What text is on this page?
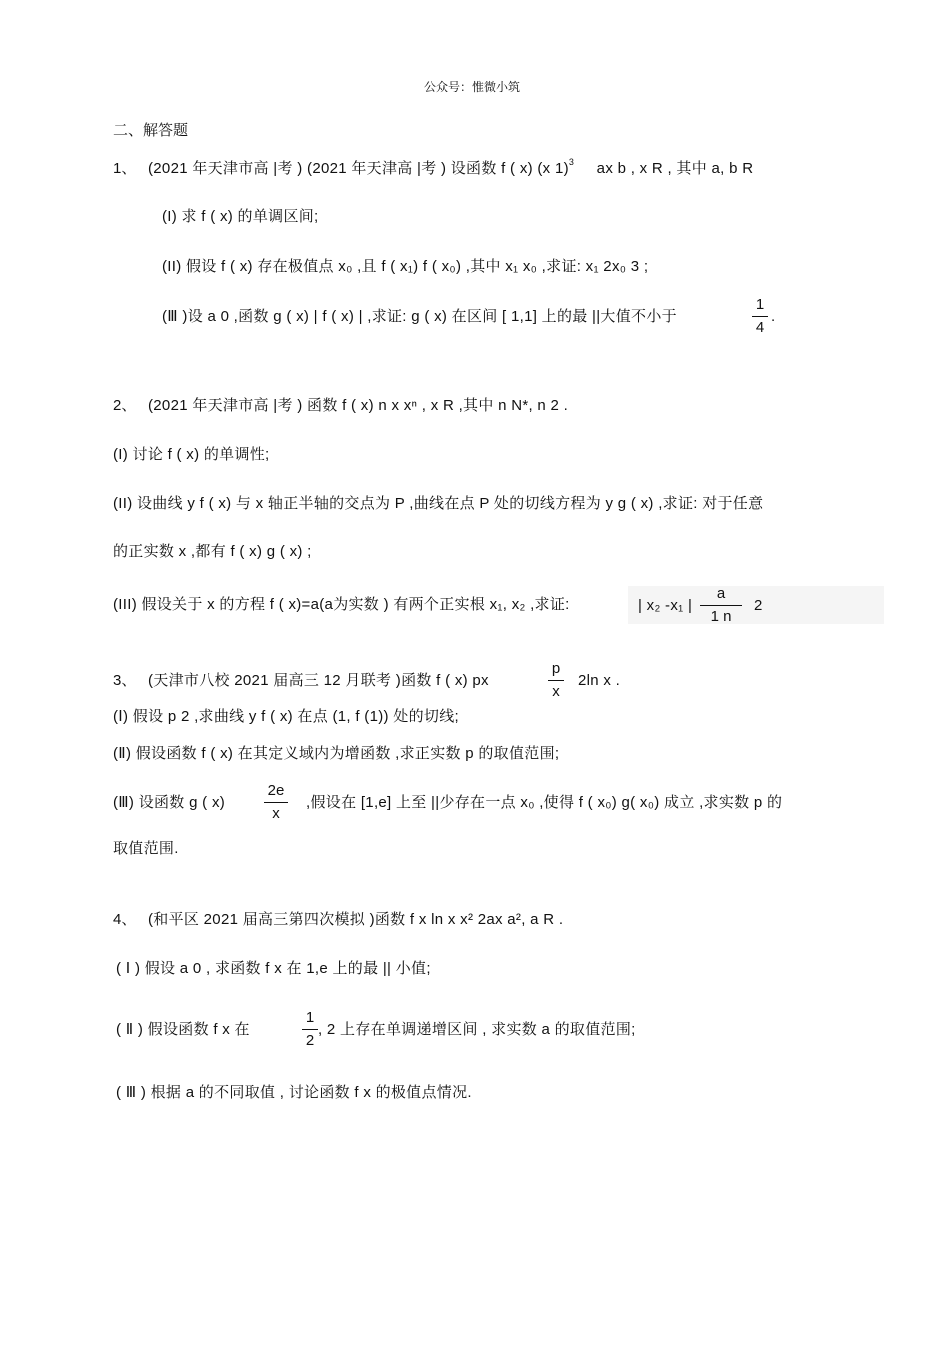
公众号：惟微小筑
二、解答题
1、 (2021 年天津市高 |考 ) (2021 年天津高 |考 ) 设函数 f ( x) (x 1)$^3$ ax b , x R , 其中 a, b R
(I) 求 f ( x) 的单调区间;
(II) 假设 f ( x) 存在极值点 x₀ ,且 f ( x₁) f ( x₀) ,其中 x₁ x₀ ,求证: x₁ 2x₀ 3 ;
(Ⅲ )设 a 0 ,函数 g ( x) | f ( x) | ,求证: g ( x) 在区间 [ 1,1] 上的最 ||大值不小于
1
4
.
2、 (2021 年天津市高 |考 ) 函数 f ( x) n x xⁿ , x R ,其中 n N*, n 2 .
(I) 讨论 f ( x) 的单调性;
(II) 设曲线 y f ( x) 与 x 轴正半轴的交点为 P ,曲线在点 P 处的切线方程为 y g ( x) ,求证: 对于任意
的正实数 x ,都有 f ( x) g ( x) ;
(III) 假设关于 x 的方程 f ( x)=a(a为实数 ) 有两个正实根 x₁, x₂ ,求证:	| x₂ -x₁ |
a
1 n
2
3、 (天津市八校 2021 届高三 12 月联考 )函数 f ( x) px
p
x
2ln x .
(Ⅰ) 假设 p 2 ,求曲线 y f ( x) 在点 (1, f (1)) 处的切线;
(Ⅱ) 假设函数 f ( x) 在其定义域内为增函数 ,求正实数 p 的取值范围;
(Ⅲ) 设函数 g ( x)
2e
x
,假设在 [1,e] 上至 ||少存在一点 x₀ ,使得 f ( x₀) g( x₀) 成立 ,求实数 p 的
取值范围.
4、 (和平区 2021 届高三第四次模拟 )函数 f x ln x x² 2ax a², a R .
( Ⅰ ) 假设 a 0 , 求函数 f x 在 1,e 上的最 || 小值;
( Ⅱ ) 假设函数 f x 在
1
2
, 2 上存在单调递增区间 , 求实数 a 的取值范围;
( Ⅲ ) 根据 a 的不同取值 , 讨论函数 f x 的极值点情况.
